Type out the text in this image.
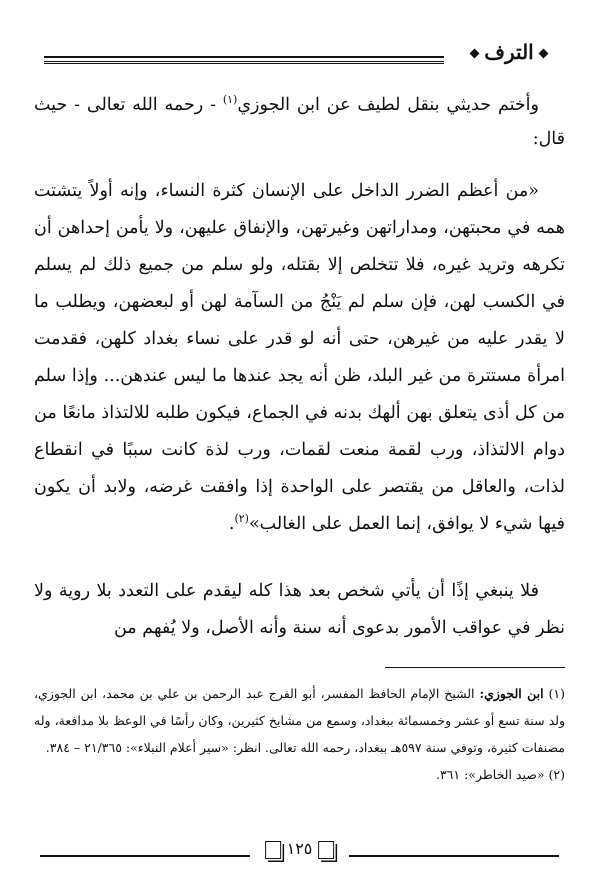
الترف

وأختم حديثي بنقل لطيف عن ابن الجوزي$^{(١)}$ - رحمه الله تعالى - حيث قال:

«من أعظم الضرر الداخل على الإنسان كثرة النساء، وإنه أولاً يتشتت همه في محبتهن، ومداراتهن وغيرتهن، والإنفاق عليهن، ولا يأمن إحداهن أن تكرهه وتريد غيره، فلا تتخلص إلا بقتله، ولو سلم من جميع ذلك لم يسلم في الكسب لهن، فإن سلم لم يَنْجُ من السآمة لهن أو لبعضهن، ويطلب ما لا يقدر عليه من غيرهن، حتى أنه لو قدر على نساء بغداد كلهن، فقدمت امرأة مستترة من غير البلد، ظن أنه يجد عندها ما ليس عندهن... وإذا سلم من كل أذى يتعلق بهن ألهك بدنه في الجماع، فيكون طلبه للالتذاذ مانعًا من دوام الالتذاذ، ورب لقمة منعت لقمات، ورب لذة كانت سببًا في انقطاع لذات، والعاقل من يقتصر على الواحدة إذا وافقت غرضه، ولابد أن يكون فيها شيء لا يوافق، إنما العمل على الغالب»$^{(٢)}$.

فلا ينبغي إذًا أن يأتي شخص بعد هذا كله ليقدم على التعدد بلا روية ولا نظر في عواقب الأمور بدعوى أنه سنة وأنه الأصل، ولا يُفهم من

(١) ابن الجوزي: الشيخ الإمام الحافظ المفسر، أبو الفرج عبد الرحمن بن علي بن محمد، ابن الجوزي، ولد سنة تسع أو عشر وخمسمائة ببغداد، وسمع من مشايخ كثيرين، وكان رأسًا في الوعظ بلا مدافعة، وله مصنفات كثيرة، وتوفي سنة ٥٩٧هـ ببغداد، رحمه الله تعالى. انظر: «سير أعلام النبلاء»: ٢١/٣٦٥ – ٣٨٤.

(٢) «صيد الخاطر»: ٣٦١.

١٢٥
